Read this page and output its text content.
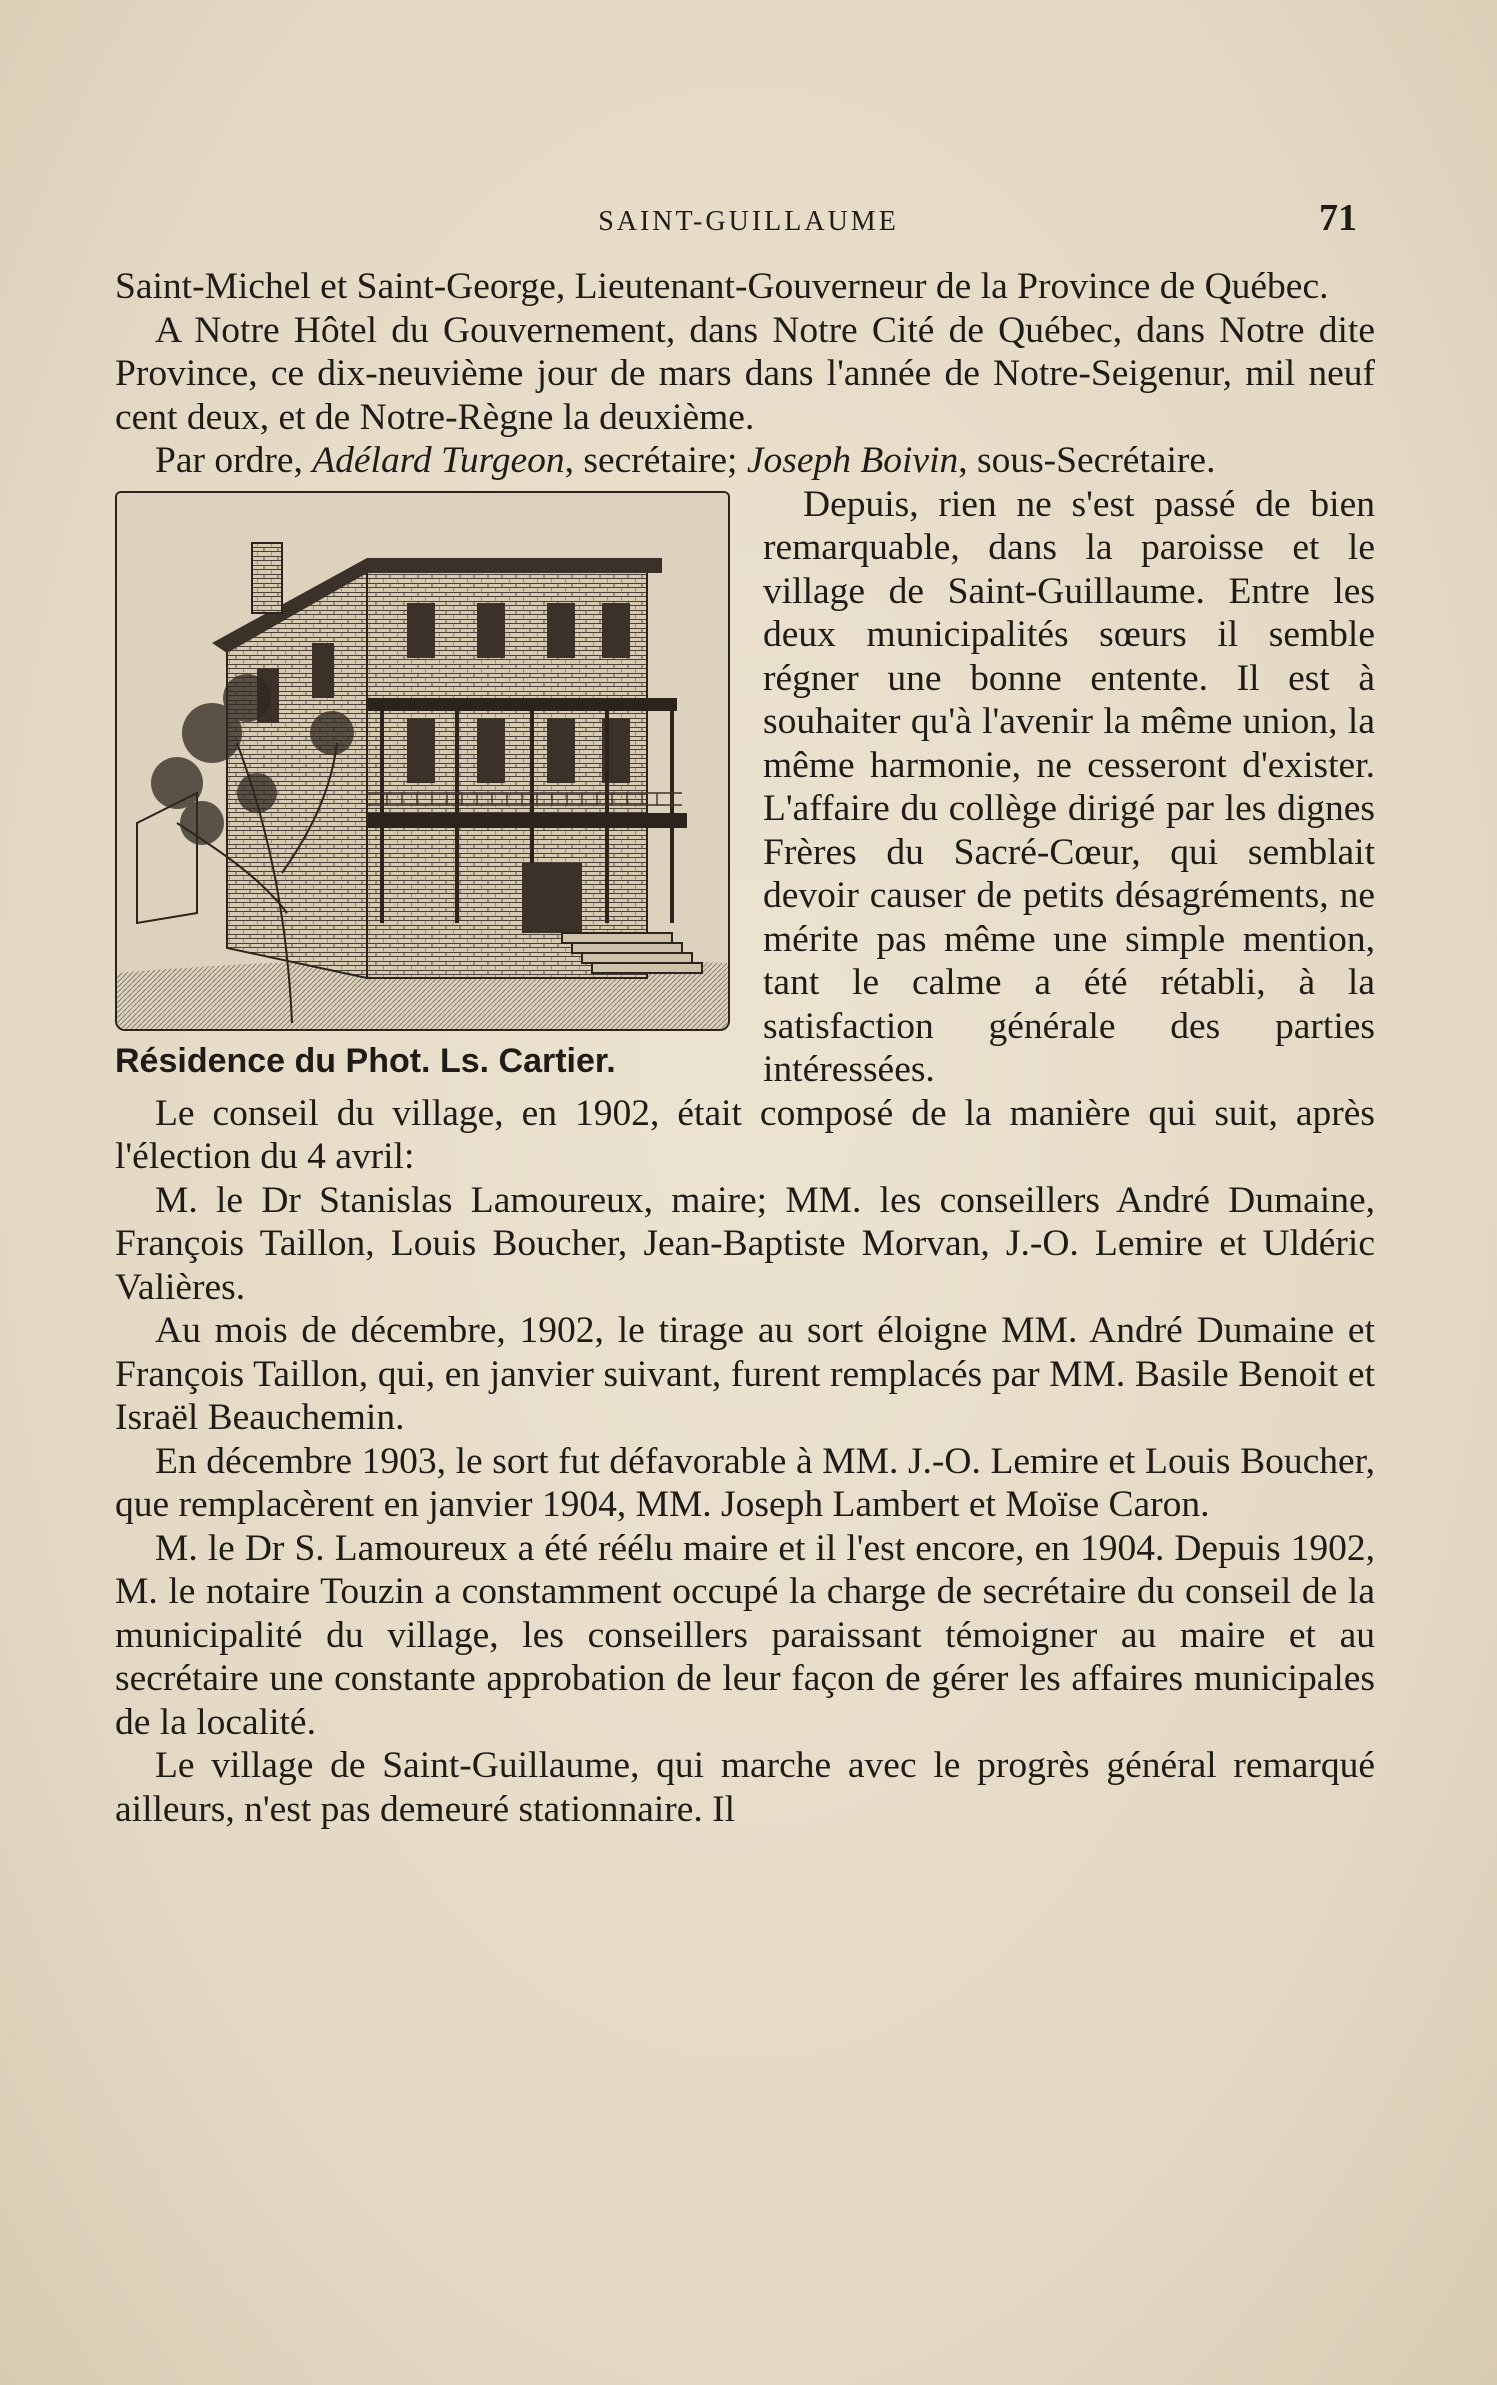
SAINT-GUILLAUME	71

Saint-Michel et Saint-George, Lieutenant-Gouverneur de la Province de Québec.

A Notre Hôtel du Gouvernement, dans Notre Cité de Québec, dans Notre dite Province, ce dix-neuvième jour de mars dans l'année de Notre-Seigenur, mil neuf cent deux, et de Notre-Règne la deuxième.

Par ordre, Adélard Turgeon, secrétaire; Joseph Boivin, sous-Secrétaire.

Résidence du Phot. Ls. Cartier.

Depuis, rien ne s'est passé de bien remarquable, dans la paroisse et le village de Saint-Guillaume. Entre les deux municipalités sœurs il semble régner une bonne entente. Il est à souhaiter qu'à l'avenir la même union, la même harmonie, ne cesseront d'exister. L'affaire du collège dirigé par les dignes Frères du Sacré-Cœur, qui semblait devoir causer de petits désagréments, ne mérite pas même une simple mention, tant le calme a été rétabli, à la satisfaction générale des parties intéressées.

Le conseil du village, en 1902, était composé de la manière qui suit, après l'élection du 4 avril:

M. le Dr Stanislas Lamoureux, maire; MM. les conseillers André Dumaine, François Taillon, Louis Boucher, Jean-Baptiste Morvan, J.-O. Lemire et Uldéric Valières.

Au mois de décembre, 1902, le tirage au sort éloigne MM. André Dumaine et François Taillon, qui, en janvier suivant, furent remplacés par MM. Basile Benoit et Israël Beauchemin.

En décembre 1903, le sort fut défavorable à MM. J.-O. Lemire et Louis Boucher, que remplacèrent en janvier 1904, MM. Joseph Lambert et Moïse Caron.

M. le Dr S. Lamoureux a été réélu maire et il l'est encore, en 1904. Depuis 1902, M. le notaire Touzin a constamment occupé la charge de secrétaire du conseil de la municipalité du village, les conseillers paraissant témoigner au maire et au secrétaire une constante approbation de leur façon de gérer les affaires municipales de la localité.

Le village de Saint-Guillaume, qui marche avec le progrès général remarqué ailleurs, n'est pas demeuré stationnaire. Il
